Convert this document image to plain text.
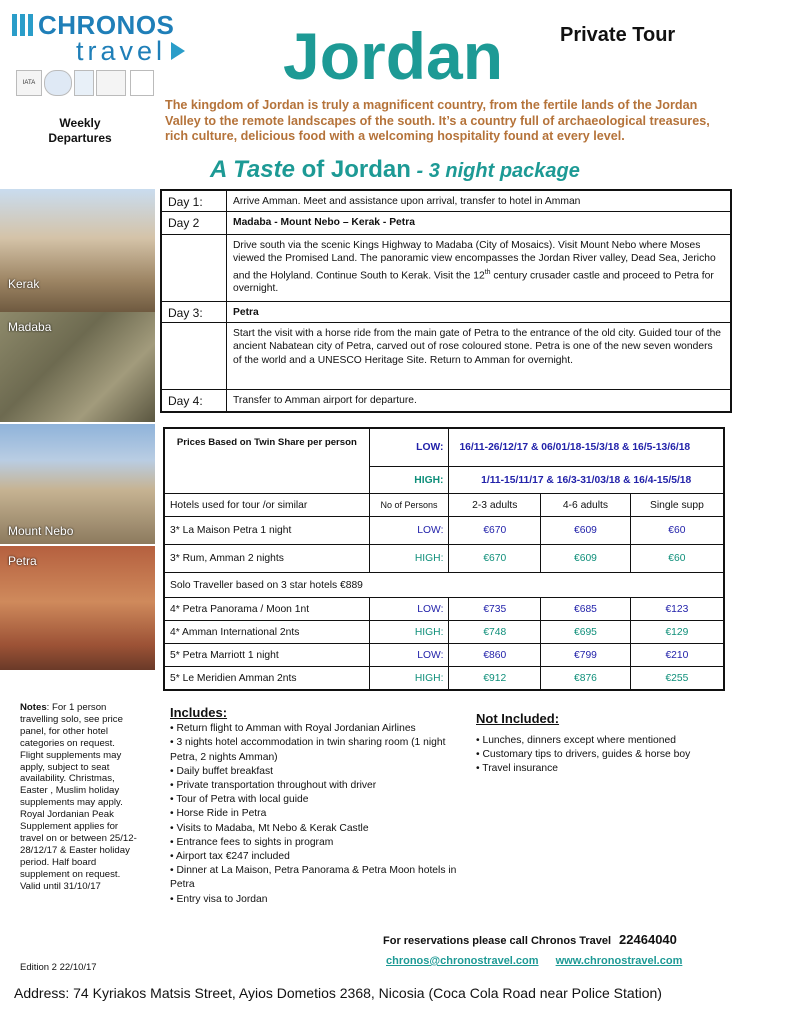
CHRONOS
travel
IATA	Jordan	Private Tour
Weekly Departures
The kingdom of Jordan is truly a magnificent country, from the fertile lands of the Jordan Valley to the remote landscapes of the south. It’s a country full of archaeological treasures, rich culture, delicious food with a welcoming hospitality found at every level.
A Taste of Jordan - 3 night package
Kerak
Madaba
Mount Nebo
Petra
Day 1:	Arrive Amman. Meet and assistance upon arrival, transfer to hotel in Amman
Day 2	Madaba - Mount Nebo – Kerak - Petra
Drive south via the scenic Kings Highway to Madaba (City of Mosaics). Visit Mount Nebo where Moses viewed the Promised Land. The panoramic view encompasses the Jordan River valley, Dead Sea, Jericho and the Holyland. Continue South to Kerak. Visit the 12th century crusader castle and proceed to Petra for overnight.
Day 3:	Petra
Start the visit with a horse ride from the main gate of Petra to the entrance of the old city. Guided tour of the ancient Nabatean city of Petra, carved out of rose coloured stone. Petra is one of the new seven wonders of the world and a UNESCO Heritage Site. Return to Amman for overnight.
Day 4:	Transfer to Amman airport for departure.
Prices Based on Twin Share per person	LOW:	16/11-26/12/17 & 06/01/18-15/3/18 & 16/5-13/6/18		
	HIGH:	1/11-15/11/17 & 16/3-31/03/18 & 16/4-15/5/18		
Hotels used for tour /or similar	No of Persons	2-3 adults	4-6 adults	Single supp
3* La Maison Petra 1 night	LOW:	€670	€609	€60
3* Rum, Amman 2 nights	HIGH:	€670	€609	€60
Solo Traveller based on 3 star hotels €889				
4* Petra Panorama / Moon 1nt	LOW:	€735	€685	€123
4* Amman International 2nts	HIGH:	€748	€695	€129
5* Petra Marriott 1 night	LOW:	€860	€799	€210
5* Le Meridien Amman 2nts	HIGH:	€912	€876	€255
Notes: For 1 person travelling solo, see price panel, for other hotel categories on request. Flight supplements may apply, subject to seat availability. Christmas, Easter , Muslim holiday supplements may apply. Royal Jordanian Peak Supplement applies for travel on or between 25/12-28/12/17 & Easter holiday period. Half board supplement on request. Valid until 31/10/17
Includes:
• Return flight to Amman with Royal Jordanian Airlines
• 3 nights hotel accommodation in twin sharing room (1 night Petra, 2 nights Amman)
• Daily buffet breakfast
• Private transportation throughout with driver
• Tour of Petra with local guide
• Horse Ride in Petra
• Visits to Madaba, Mt Nebo & Kerak Castle
• Entrance fees to sights in program
• Airport tax €247 included
• Dinner at La Maison, Petra Panorama & Petra Moon hotels in Petra
• Entry visa to Jordan
Not Included:
• Lunches, dinners except where mentioned
• Customary tips to drivers, guides & horse boy
• Travel insurance
For reservations please call Chronos Travel 22464040
chronos@chronostravel.com www.chronostravel.com
Edition 2 22/10/17
Address: 74 Kyriakos Matsis Street, Ayios Dometios 2368, Nicosia (Coca Cola Road near Police Station)
